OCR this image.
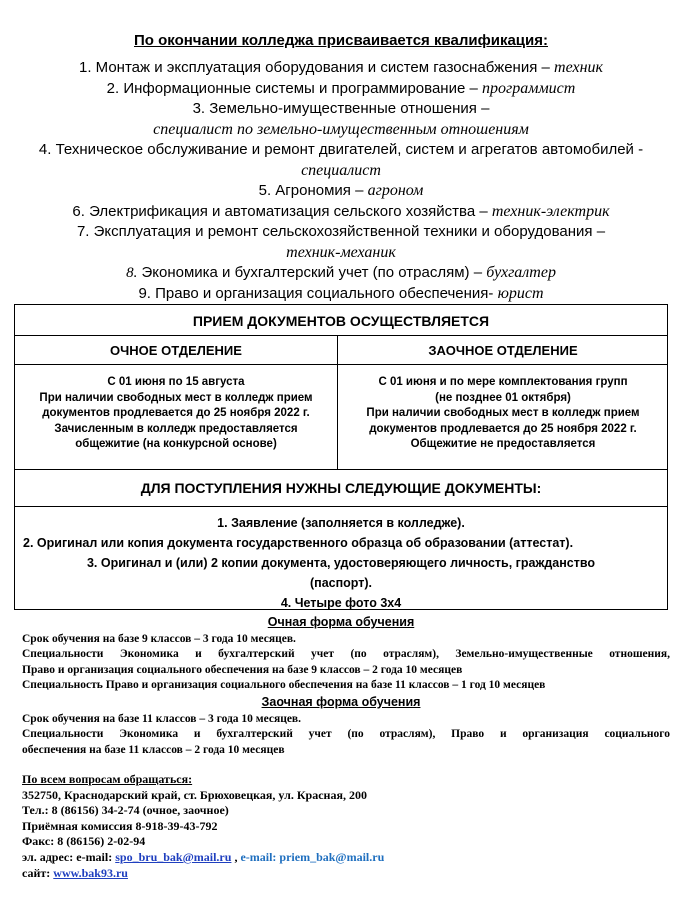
По окончании колледжа присваивается квалификация:
1. Монтаж и эксплуатация оборудования и систем газоснабжения – техник
2. Информационные системы и программирование – программист
3. Земельно-имущественные отношения –
специалист по земельно-имущественным отношениям
4. Техническое обслуживание и ремонт двигателей, систем и агрегатов автомобилей -
специалист
5. Агрономия – агроном
6. Электрификация и автоматизация сельского хозяйства – техник-электрик
7. Эксплуатация и ремонт сельскохозяйственной техники и оборудования –
техник-механик
8. Экономика и бухгалтерский учет (по отраслям) – бухгалтер
9. Право и организация социального обеспечения- юрист
ПРИЕМ ДОКУМЕНТОВ ОСУЩЕСТВЛЯЕТСЯ
ОЧНОЕ ОТДЕЛЕНИЕ	ЗАОЧНОЕ ОТДЕЛЕНИЕ
С 01 июня по 15 августа
При наличии свободных мест в колледж прием
документов продлевается до 25 ноября 2022 г.
Зачисленным в колледж предоставляется
общежитие (на конкурсной основе)
С 01 июня и по мере комплектования групп
(не позднее 01 октября)
При наличии свободных мест в колледж прием
документов продлевается до 25 ноября 2022 г.
Общежитие не предоставляется
ДЛЯ ПОСТУПЛЕНИЯ НУЖНЫ СЛЕДУЮЩИЕ ДОКУМЕНТЫ:
1. Заявление (заполняется в колледже).
2. Оригинал или копия документа государственного образца об образовании (аттестат).
3. Оригинал и (или) 2 копии документа, удостоверяющего личность, гражданство
(паспорт).
4. Четыре фото 3х4
Очная форма обучения
Срок обучения на базе 9 классов – 3 года 10 месяцев.
Специальности Экономика и бухгалтерский учет (по отраслям), Земельно-имущественные отношения,
Право и организация социального обеспечения на базе 9 классов – 2 года 10 месяцев
Специальность Право и организация социального обеспечения на базе 11 классов – 1 год 10 месяцев
Заочная форма обучения
Срок обучения на базе 11 классов – 3 года 10 месяцев.
Специальности Экономика и бухгалтерский учет (по отраслям), Право и организация социального
обеспечения на базе 11 классов – 2 года 10 месяцев
По всем вопросам обращаться:
352750, Краснодарский край, ст. Брюховецкая, ул. Красная, 200
Тел.: 8 (86156) 34-2-74 (очное, заочное)
Приёмная комиссия 8-918-39-43-792
Факс: 8 (86156) 2-02-94
эл. адрес: e-mail: spo_bru_bak@mail.ru , e-mail: priem_bak@mail.ru
сайт: www.bak93.ru
